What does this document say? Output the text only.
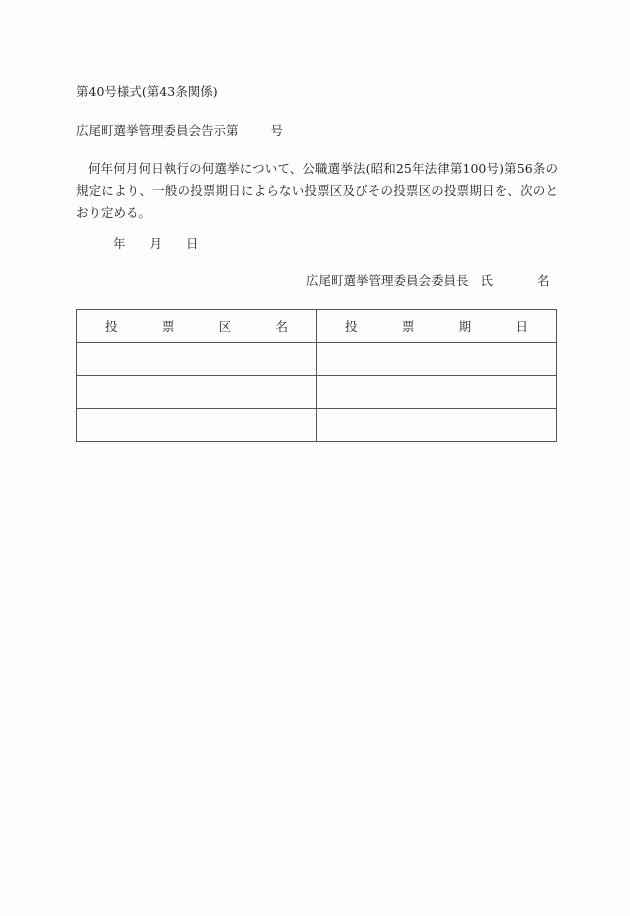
第40号様式(第43条関係)
広尾町選挙管理委員会告示第	号
何年何月何日執行の何選挙について、公職選挙法(昭和25年法律第100号)第56条の規定により、一般の投票期日によらない投票区及びその投票区の投票期日を、次のとおり定める。
年 月 日
広尾町選挙管理委員会委員長 氏	名
投 票 区 名	投 票 期 日
